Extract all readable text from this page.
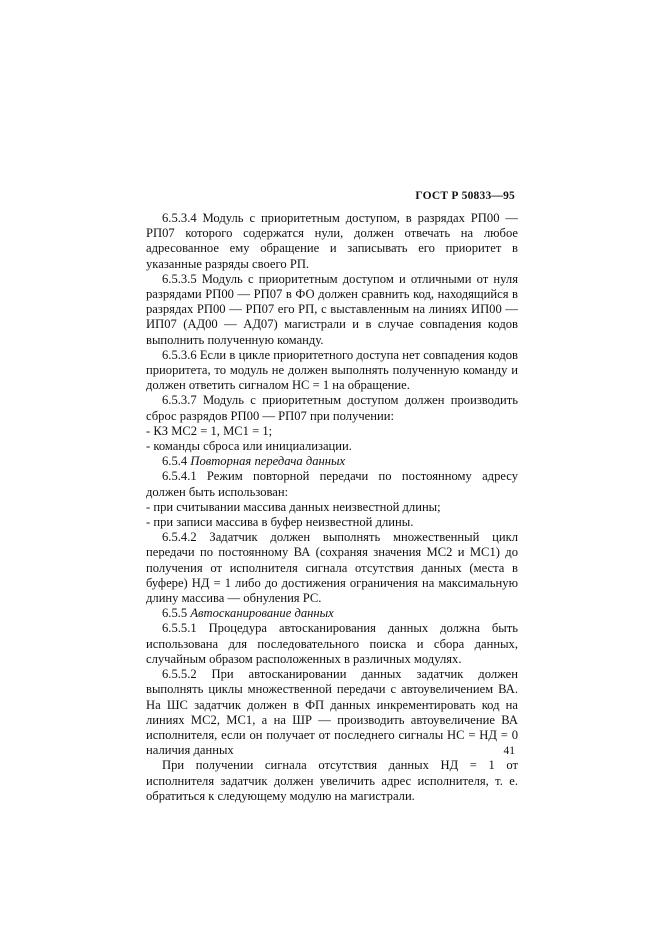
ГОСТ Р 50833—95

6.5.3.4 Модуль с приоритетным доступом, в разрядах РП00 — РП07 которого содержатся нули, должен отвечать на любое адресованное ему обращение и записывать его приоритет в указанные разряды своего РП.

6.5.3.5 Модуль с приоритетным доступом и отличными от нуля разрядами РП00 — РП07 в ФО должен сравнить код, находящийся в разрядах РП00 — РП07 его РП, с выставленным на линиях ИП00 — ИП07 (АД00 — АД07) магистрали и в случае совпадения кодов выполнить полученную команду.

6.5.3.6 Если в цикле приоритетного доступа нет совпадения кодов приоритета, то модуль не должен выполнять полученную команду и должен ответить сигналом НС = 1 на обращение.

6.5.3.7 Модуль с приоритетным доступом должен производить сброс разрядов РП00 — РП07 при получении:

- КЗ МС2 = 1, МС1 = 1;

- команды сброса или инициализации.

6.5.4 Повторная передача данных

6.5.4.1 Режим повторной передачи по постоянному адресу должен быть использован:

- при считывании массива данных неизвестной длины;

- при записи массива в буфер неизвестной длины.

6.5.4.2 Задатчик должен выполнять множественный цикл передачи по постоянному ВА (сохраняя значения МС2 и МС1) до получения от исполнителя сигнала отсутствия данных (места в буфере) НД = 1 либо до достижения ограничения на максимальную длину массива — обнуления РС.

6.5.5 Автосканирование данных

6.5.5.1 Процедура автосканирования данных должна быть использована для последовательного поиска и сбора данных, случайным образом расположенных в различных модулях.

6.5.5.2 При автосканировании данных задатчик должен выполнять циклы множественной передачи с автоувеличением ВА. На ШС задатчик должен в ФП данных инкрементировать код на линиях МС2, МС1, а на ШР — производить автоувеличение ВА исполнителя, если он получает от последнего сигналы НС = НД = 0 наличия данных

При получении сигнала отсутствия данных НД = 1 от исполнителя задатчик должен увеличить адрес исполнителя, т. е. обратиться к следующему модулю на магистрали.

41
